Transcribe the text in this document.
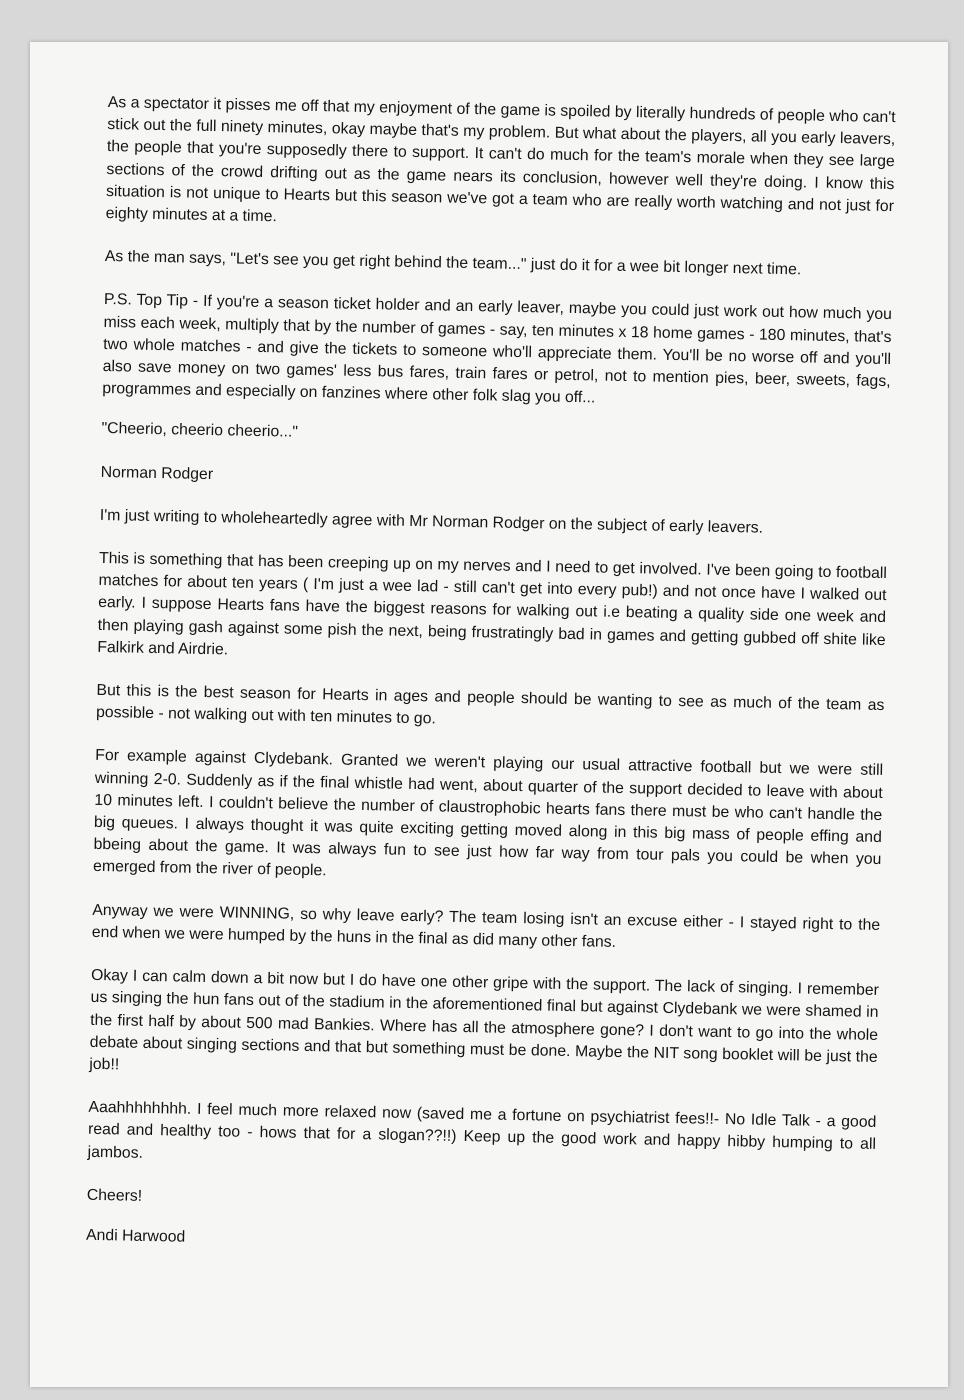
As a spectator it pisses me off that my enjoyment of the game is spoiled by literally hundreds of people who can't stick out the full ninety minutes, okay maybe that's my problem. But what about the players, all you early leavers, the people that you're supposedly there to support. It can't do much for the team's morale when they see large sections of the crowd drifting out as the game nears its conclusion, however well they're doing. I know this situation is not unique to Hearts but this season we've got a team who are really worth watching and not just for eighty minutes at a time.

As the man says, "Let's see you get right behind the team..." just do it for a wee bit longer next time.

P.S. Top Tip - If you're a season ticket holder and an early leaver, maybe you could just work out how much you miss each week, multiply that by the number of games - say, ten minutes x 18 home games - 180 minutes, that's two whole matches - and give the tickets to someone who'll appreciate them. You'll be no worse off and you'll also save money on two games' less bus fares, train fares or petrol, not to mention pies, beer, sweets, fags, programmes and especially on fanzines where other folk slag you off...

"Cheerio, cheerio cheerio..."

Norman Rodger

I'm just writing to wholeheartedly agree with Mr Norman Rodger on the subject of early leavers.

This is something that has been creeping up on my nerves and I need to get involved. I've been going to football matches for about ten years ( I'm just a wee lad - still can't get into every pub!) and not once have I walked out early. I suppose Hearts fans have the biggest reasons for walking out i.e beating a quality side one week and then playing gash against some pish the next, being frustratingly bad in games and getting gubbed off shite like Falkirk and Airdrie.

But this is the best season for Hearts in ages and people should be wanting to see as much of the team as possible - not walking out with ten minutes to go.

For example against Clydebank. Granted we weren't playing our usual attractive football but we were still winning 2-0. Suddenly as if the final whistle had went, about quarter of the support decided to leave with about 10 minutes left. I couldn't believe the number of claustrophobic hearts fans there must be who can't handle the big queues. I always thought it was quite exciting getting moved along in this big mass of people effing and bbeing about the game. It was always fun to see just how far way from tour pals you could be when you emerged from the river of people.

Anyway we were WINNING, so why leave early? The team losing isn't an excuse either - I stayed right to the end when we were humped by the huns in the final as did many other fans.

Okay I can calm down a bit now but I do have one other gripe with the support. The lack of singing. I remember us singing the hun fans out of the stadium in the aforementioned final but against Clydebank we were shamed in the first half by about 500 mad Bankies. Where has all the atmosphere gone? I don't want to go into the whole debate about singing sections and that but something must be done. Maybe the NIT song booklet will be just the job!!

Aaahhhhhhhh. I feel much more relaxed now (saved me a fortune on psychiatrist fees!!- No Idle Talk - a good read and healthy too - hows that for a slogan??!!) Keep up the good work and happy hibby humping to all jambos.

Cheers!

Andi Harwood
